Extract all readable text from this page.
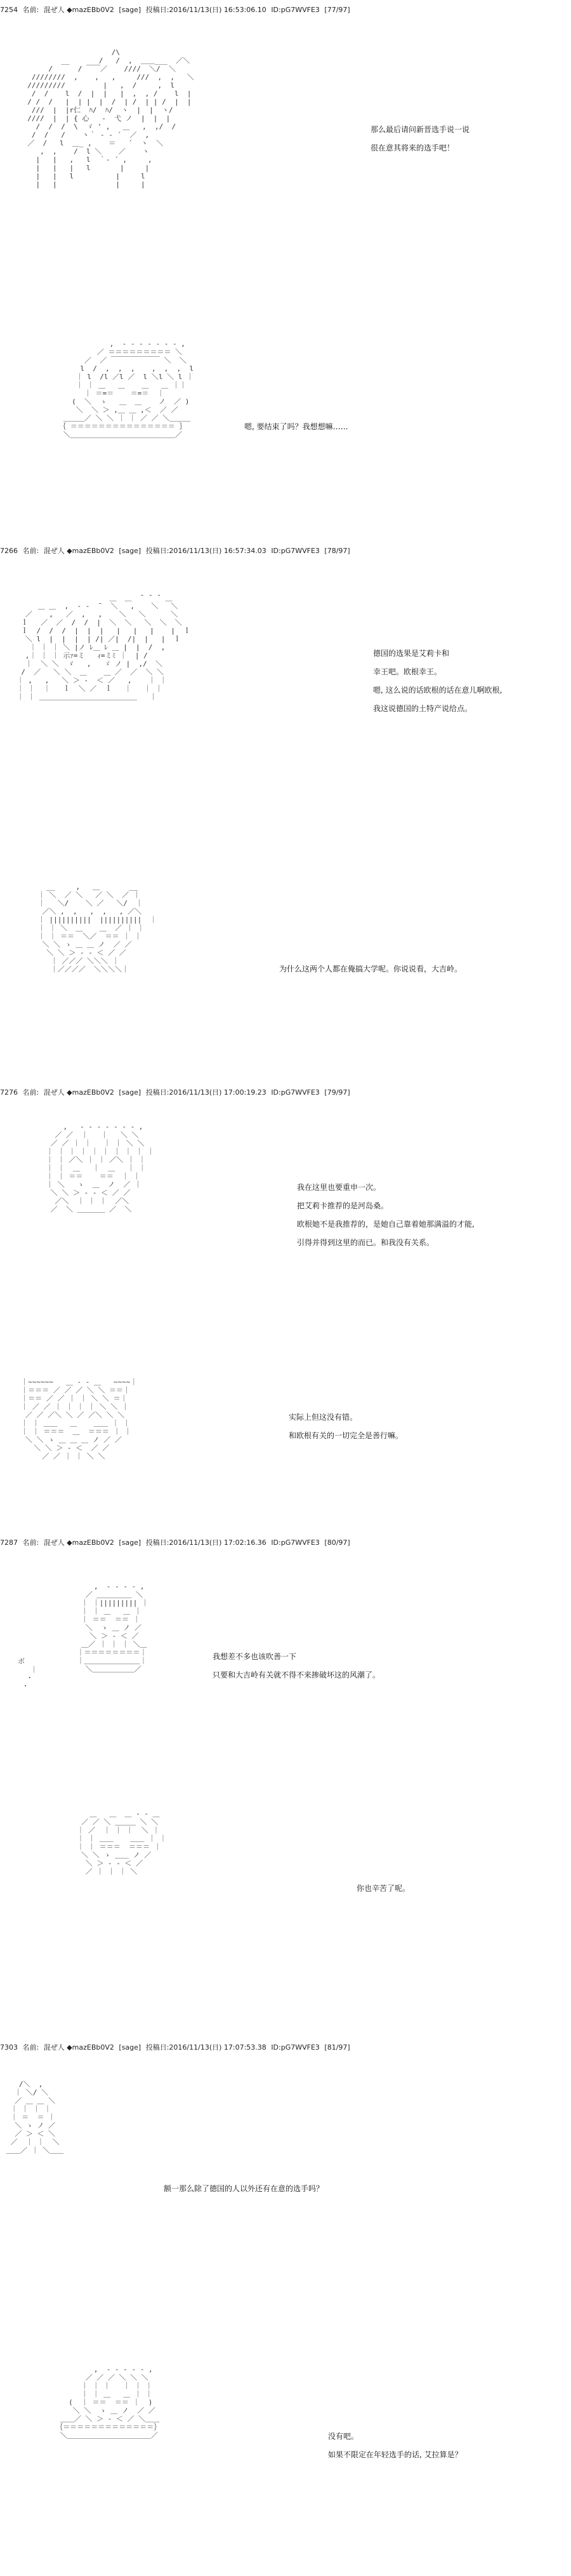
7254 名前: 混ぜ人 ◆mazEBb0V2 [sage] 投稿日:2016/11/13(日) 16:53:06.10 ID:pG7WVFE3 [77/97]
/\
__       /   /  ,  ＿＿___  ／＼
/      / ￣￣／    ////  ＼/  ＼
////////  ,    ,   ,     ///  ,  ,   ＼
/////////         |   ,  /     ,  l
/  /    l  /  |  |   |  ,  , /    l  |
/ /  /   |  | |  |  /  | /  | | /  |  |
///  |  |r仁  ﾊ/  ﾊ/  ヽ  |  |  ヽ/
////  |  | { 心   ‐  弋 ノ  |  |  |
/  /  /  \  ゞ ' ,   ＿   ,  ,/  /
/  /   /    ヽ｀ ‐ ‐ ´  ／  ,
／  /   l  ＿_ ,    ＝   ´  ヽ  ＼
,  ,    /  l ＼    ／    ヽ
|   |   ,   l  ｀‐ ´ ,     ,
|   |   |   l       |     |
|   |   l          |     l
|   |              |     |

那么最后请问新晋选手说一说
很在意其将来的选手吧！
,  ‐ ‐ ‐ ‐ ‐ ‐ ‐ ,
／ ＝＝＝＝＝＝＝＝＝ ＼
／  ／ ￣￣￣￣￣￣￣ ＼  ＼
l  /  ,  ,  ,    ,  ,  ,  l
｜ l  /l ／l ／  l ＼l ＼ l ｜
｜ ｜ ＿   ＿    ＿   ＿ ｜｜
｜ ＝=＝    ＝=＝  ｜
(  ＼  ゝ   ＿  ＿    ノ  ／ )
＼  ＼ ＞ ,＿ ＿ ,＜  ／ ／
＿＿＿／ ＼ ＼ ｜ ｜ ／ ／ ＼＿＿＿
｛ ＝＝＝＝＝＝＝＝＝＝＝＝＝＝＝ ｝
＼＿＿＿＿＿＿＿＿＿＿＿＿＿＿＿／

嗯, 要结束了吗？我想想嘛……
7266 名前: 混ぜ人 ◆mazEBb0V2 [sage] 投稿日:2016/11/13(日) 16:57:34.03 ID:pG7WVFE3 [78/97]
＿  ＿  ¯ ¯ ¯ ＿
＿ ＿  ,  ‐ ‐  ¯  ＼   ,    ＼   ＼
／    ,   ／  ,   ,    ＼   ＼      ＼
ｌ   ／  ／  /  /  |  ＼  ＼   ＼  ＼  ＼
ｌ  /  /  /  |  |  |   |   |   |    |  ｌ
＼ l  |  |  |  | /| ／|  /|  |   |  ｌ
｜ ｜ ｜ ＼ |ノ ﾚ＿ ﾚ ＿ |  |  /  ,
,｜ ｜ ｜ 示ｧ=ミ   ｨ=ミﾐ ｜  | /
｜  ＼ ＼  ゞ   ,   ゞ ノ |  ,/  ＼
/  ／   ＼ ＼  ＿    ＿ ／  ／  ＼ ＼
｜ ,   ,   ＼ ＞ ‐  ＜ ／   ,    ｜ ｜
｜ ｜  ｜   ｌ  ＼ ／  ｌ   ｜   ｜ ｜
｜ ｜ ＿＿＿＿＿＿＿＿＿＿＿＿＿＿   ｜

德国的选果是艾莉卡和
幸王吧。欧根幸王。
嗯, 这么说的话欧根的话在意儿啊欧根,
我这说德国的土特产说给点。
__     ,   ＿       __
｜ ＼  ／ ＼   ／ ＼  ／ ｜
｜   ＼/    ＼ ／   ＼/  ｜
／＼ ,  ,   ,  ,   , ／＼
｜ ||||||||||  ||||||||||  ｜
｜ ｜ ＼  ＿    ＿  ／ ｜ ｜
｜ ｜ ＝＝  ＼／  ＝＝ ｜ ｜
＼ ＼ ゝ ＿ ＿ ノ  ／ ／
＼ ＼ ＞ ‐ ‐ ＜ ／ ／
｜ ／／／ ＼＼＼ ｜
｜／／／／  ＼＼＼＼｜	为什么这两个人都在俺搞大学呢。你说说看，大吉岭。
7276 名前: 混ぜ人 ◆mazEBb0V2 [sage] 投稿日:2016/11/13(日) 17:00:19.23 ID:pG7WVFE3 [79/97]
,   ‐ ‐ ‐ ‐ ‐ ‐ ‐ ,
／ ／  ｜   ｜   ＼ ＼
／ ／ ｜ ｜   ｜ ｜ ＼ ＼
｜ ｜ ｜ ｜ ｜ ｜ ｜ ｜ ｜ ｜
｜ ｜ ／＼ ｜ ｜ ／＼ ｜ ｜
｜ ｜  ＿   ｜  ＿   ｜ ｜
｜ ｜ ＝＝    ＝＝  ｜ ｜
｜ ＼   ゝ  ＿  ノ  ／ ｜
＼ ＼ ＞ ‐ ‐ ＜ ／ ／
／＼  ｜ ｜ ｜  ／＼
／  ＼ ＿＿＿＿ ／  ＼

我在这里也要重申一次。
把艾莉卡推荐的是河岛桑。
欧根她不是我推荐的，是她自己靠着她那满溢的才能,
引得并得到这里的而已。和我没有关系。
｜~~~~~~   ＿ ‐ ‐ ＿   ~~~~｜
｜＝＝＝ ／ ／ ／ ＼ ＼ ＝＝｜
｜＝＝ ／ ／ ｜ ｜ ＼ ＼ ＝｜
｜ ／ ／ ｜ ｜ ｜ ｜ ＼ ＼ ｜
／ ／ ／＼ ＼ ／ ／＼ ＼ ＼
｜ ｜ ＿＿   ＿    ＿＿ ｜ ｜
｜ ｜ ＝＝＝  ＿  ＝＝＝ ｜ ｜
＼ ＼ ゝ ＿ ＿ ＿ ノ ／ ／
＼ ＼ ＞ ‐ ＜  ／ ／
／ ／ ｜ ｜ ＼ ＼

实际上但这没有错。
和欧根有关的一切完全是善行嘛。
7287 名前: 混ぜ人 ◆mazEBb0V2 [sage] 投稿日:2016/11/13(日) 17:02:16.36 ID:pG7WVFE3 [80/97]
ボ
｜
・
・
,  ‐ ‐ ‐ ‐ ,
／ ＿＿＿＿＿ ＼
｜ ｜||||||||| ｜
｜ ｜ ＿   ＿ ｜
｜ ＝＝  ＝＝ ｜
＼  ゝ ＿ ノ ／
＼ ＞ ‐ ＜ ／
＿／ ｜ ｜ ｜ ＼＿
｜＝＝＝＝＝＝＝＝｜
｜＿＿＿＿＿＿＿＿｜
＼＿＿＿＿＿＿／

我想差不多也该吹善一下
只要和大吉岭有关就不得不来掺破坏这的风潮了。
＿   ＿  ＿ ‐ ‐ ＿
／ ／ ＼ ＿＿＿ ＼ ＼
｜ ／  ｜ ｜ ｜  ＼ ｜
｜ ｜ ＿＿    ＿＿ ｜ ｜
｜ ｜ ＝＝＝  ＝＝＝ ｜
＼ ＼ ゝ ＿＿ ノ ／
＼ ＞ ‐ ‐ ＜ ／
／ ｜ ｜ ｜ ＼

你也辛苦了呢。
7303 名前: 混ぜ人 ◆mazEBb0V2 [sage] 投稿日:2016/11/13(日) 17:07:53.38 ID:pG7WVFE3 [81/97]
/＼  ,
｜ ＼/ ＼
／ ＿ ＿ ＼
｜ ｜ ｜ ｜
｜ ＝  ＝ ｜
＼ ゝ ノ ／
／ ＞ ＜ ＼
／  ｜ ｜  ＼
＿＿／ ｜ ＼＿＿

额一那么除了德国的人以外还有在意的选手吗？
,  ‐ ‐ ‐ ‐ ‐ ,
／ ／ ／ ＼ ＼ ＼
｜ ｜ ｜   ｜ ｜ ｜
｜ ｜ ＿   ＿ ｜ ｜
(  ｜ ＝＝  ＝＝ ｜  )
＼ ＼  ゝ ＿ ノ  ／ ／
＿＿／ ＼ ＞ ‐ ＜ ／ ＼＿＿
｛＝＝＝＝＝＝＝＝＝＝＝＝＝｝
＼＿＿＿＿＿＿＿＿＿＿＿＿／	没有吧。
如果不限定在年轻选手的话, 艾拉算是？
